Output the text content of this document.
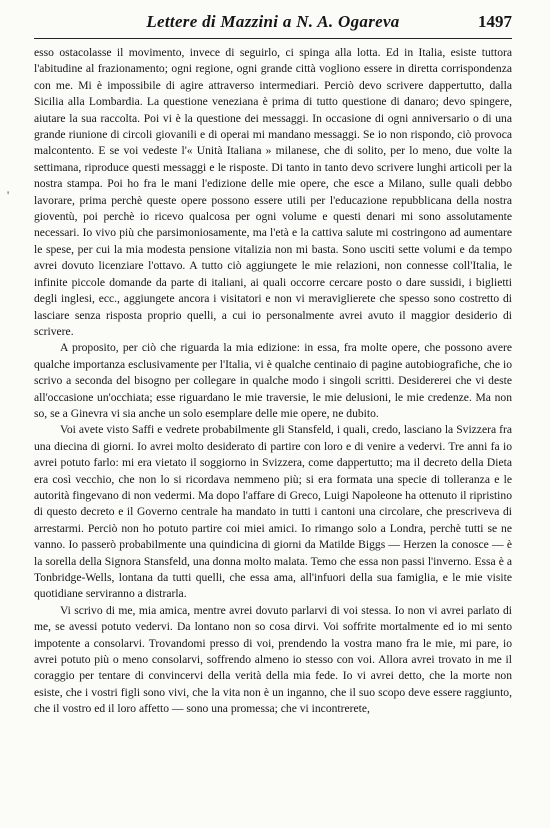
Lettere di Mazzini a N. A. Ogareva	1497
'

esso ostacolasse il movimento, invece di seguirlo, ci spinga alla lotta. Ed in Italia, esiste tuttora l'abitudine al frazionamento; ogni regione, ogni grande città vogliono essere in diretta corrispondenza con me. Mi è impossibile di agire attraverso intermediari. Perciò devo scrivere dappertutto, dalla Sicilia alla Lombardia. La questione veneziana è prima di tutto questione di danaro; devo spingere, aiutare la sua raccolta. Poi vi è la questione dei messaggi. In occasione di ogni anniversario o di una grande riunione di circoli giovanili e di operai mi mandano messaggi. Se io non rispondo, ciò provoca malcontento. E se voi vedeste l'« Unità Italiana » milanese, che di solito, per lo meno, due volte la settimana, riproduce questi messaggi e le risposte. Di tanto in tanto devo scrivere lunghi articoli per la nostra stampa. Poi ho fra le mani l'edizione delle mie opere, che esce a Milano, sulle quali debbo lavorare, prima perchè queste opere possono essere utili per l'educazione repubblicana della nostra gioventù, poi perchè io ricevo qualcosa per ogni volume e questi denari mi sono assolutamente necessari. Io vivo più che parsimoniosamente, ma l'età e la cattiva salute mi costringono ad aumentare le spese, per cui la mia modesta pensione vitalizia non mi basta. Sono usciti sette volumi e da tempo avrei dovuto licenziare l'ottavo. A tutto ciò aggiungete le mie relazioni, non connesse coll'Italia, le infinite piccole domande da parte di italiani, ai quali occorre cercare posto o dare sussidi, i biglietti degli inglesi, ecc., aggiungete ancora i visitatori e non vi meraviglierete che spesso sono costretto di lasciare senza risposta proprio quelli, a cui io personalmente avrei avuto il maggior desiderio di scrivere.

A proposito, per ciò che riguarda la mia edizione: in essa, fra molte opere, che possono avere qualche importanza esclusivamente per l'Italia, vi è qualche centinaio di pagine autobiografiche, che io scrivo a seconda del bisogno per collegare in qualche modo i singoli scritti. Desidererei che vi deste all'occasione un'occhiata; esse riguardano le mie traversie, le mie delusioni, le mie credenze. Ma non so, se a Ginevra vi sia anche un solo esemplare delle mie opere, ne dubito.

Voi avete visto Saffi e vedrete probabilmente gli Stansfeld, i quali, credo, lasciano la Svizzera fra una diecina di giorni. Io avrei molto desiderato di partire con loro e di venire a vedervi. Tre anni fa io avrei potuto farlo: mi era vietato il soggiorno in Svizzera, come dappertutto; ma il decreto della Dieta era così vecchio, che non lo si ricordava nemmeno più; si era formata una specie di tolleranza e le autorità fingevano di non vedermi. Ma dopo l'affare di Greco, Luigi Napoleone ha ottenuto il ripristino di questo decreto e il Governo centrale ha mandato in tutti i cantoni una circolare, che prescriveva di arrestarmi. Perciò non ho potuto partire coi miei amici. Io rimango solo a Londra, perchè tutti se ne vanno. Io passerò probabilmente una quindicina di giorni da Matilde Biggs — Herzen la conosce — è la sorella della Signora Stansfeld, una donna molto malata. Temo che essa non passi l'inverno. Essa è a Tonbridge-Wells, lontana da tutti quelli, che essa ama, all'infuori della sua famiglia, e le mie visite quotidiane serviranno a distrarla.

Vi scrivo di me, mia amica, mentre avrei dovuto parlarvi di voi stessa. Io non vi avrei parlato di me, se avessi potuto vedervi. Da lontano non so cosa dirvi. Voi soffrite mortalmente ed io mi sento impotente a consolarvi. Trovandomi presso di voi, prendendo la vostra mano fra le mie, mi pare, io avrei potuto più o meno consolarvi, soffrendo almeno io stesso con voi. Allora avrei trovato in me il coraggio per tentare di convincervi della verità della mia fede. Io vi avrei detto, che la morte non esiste, che i vostri figli sono vivi, che la vita non è un inganno, che il suo scopo deve essere raggiunto, che il vostro ed il loro affetto — sono una promessa; che vi incontrerete,
